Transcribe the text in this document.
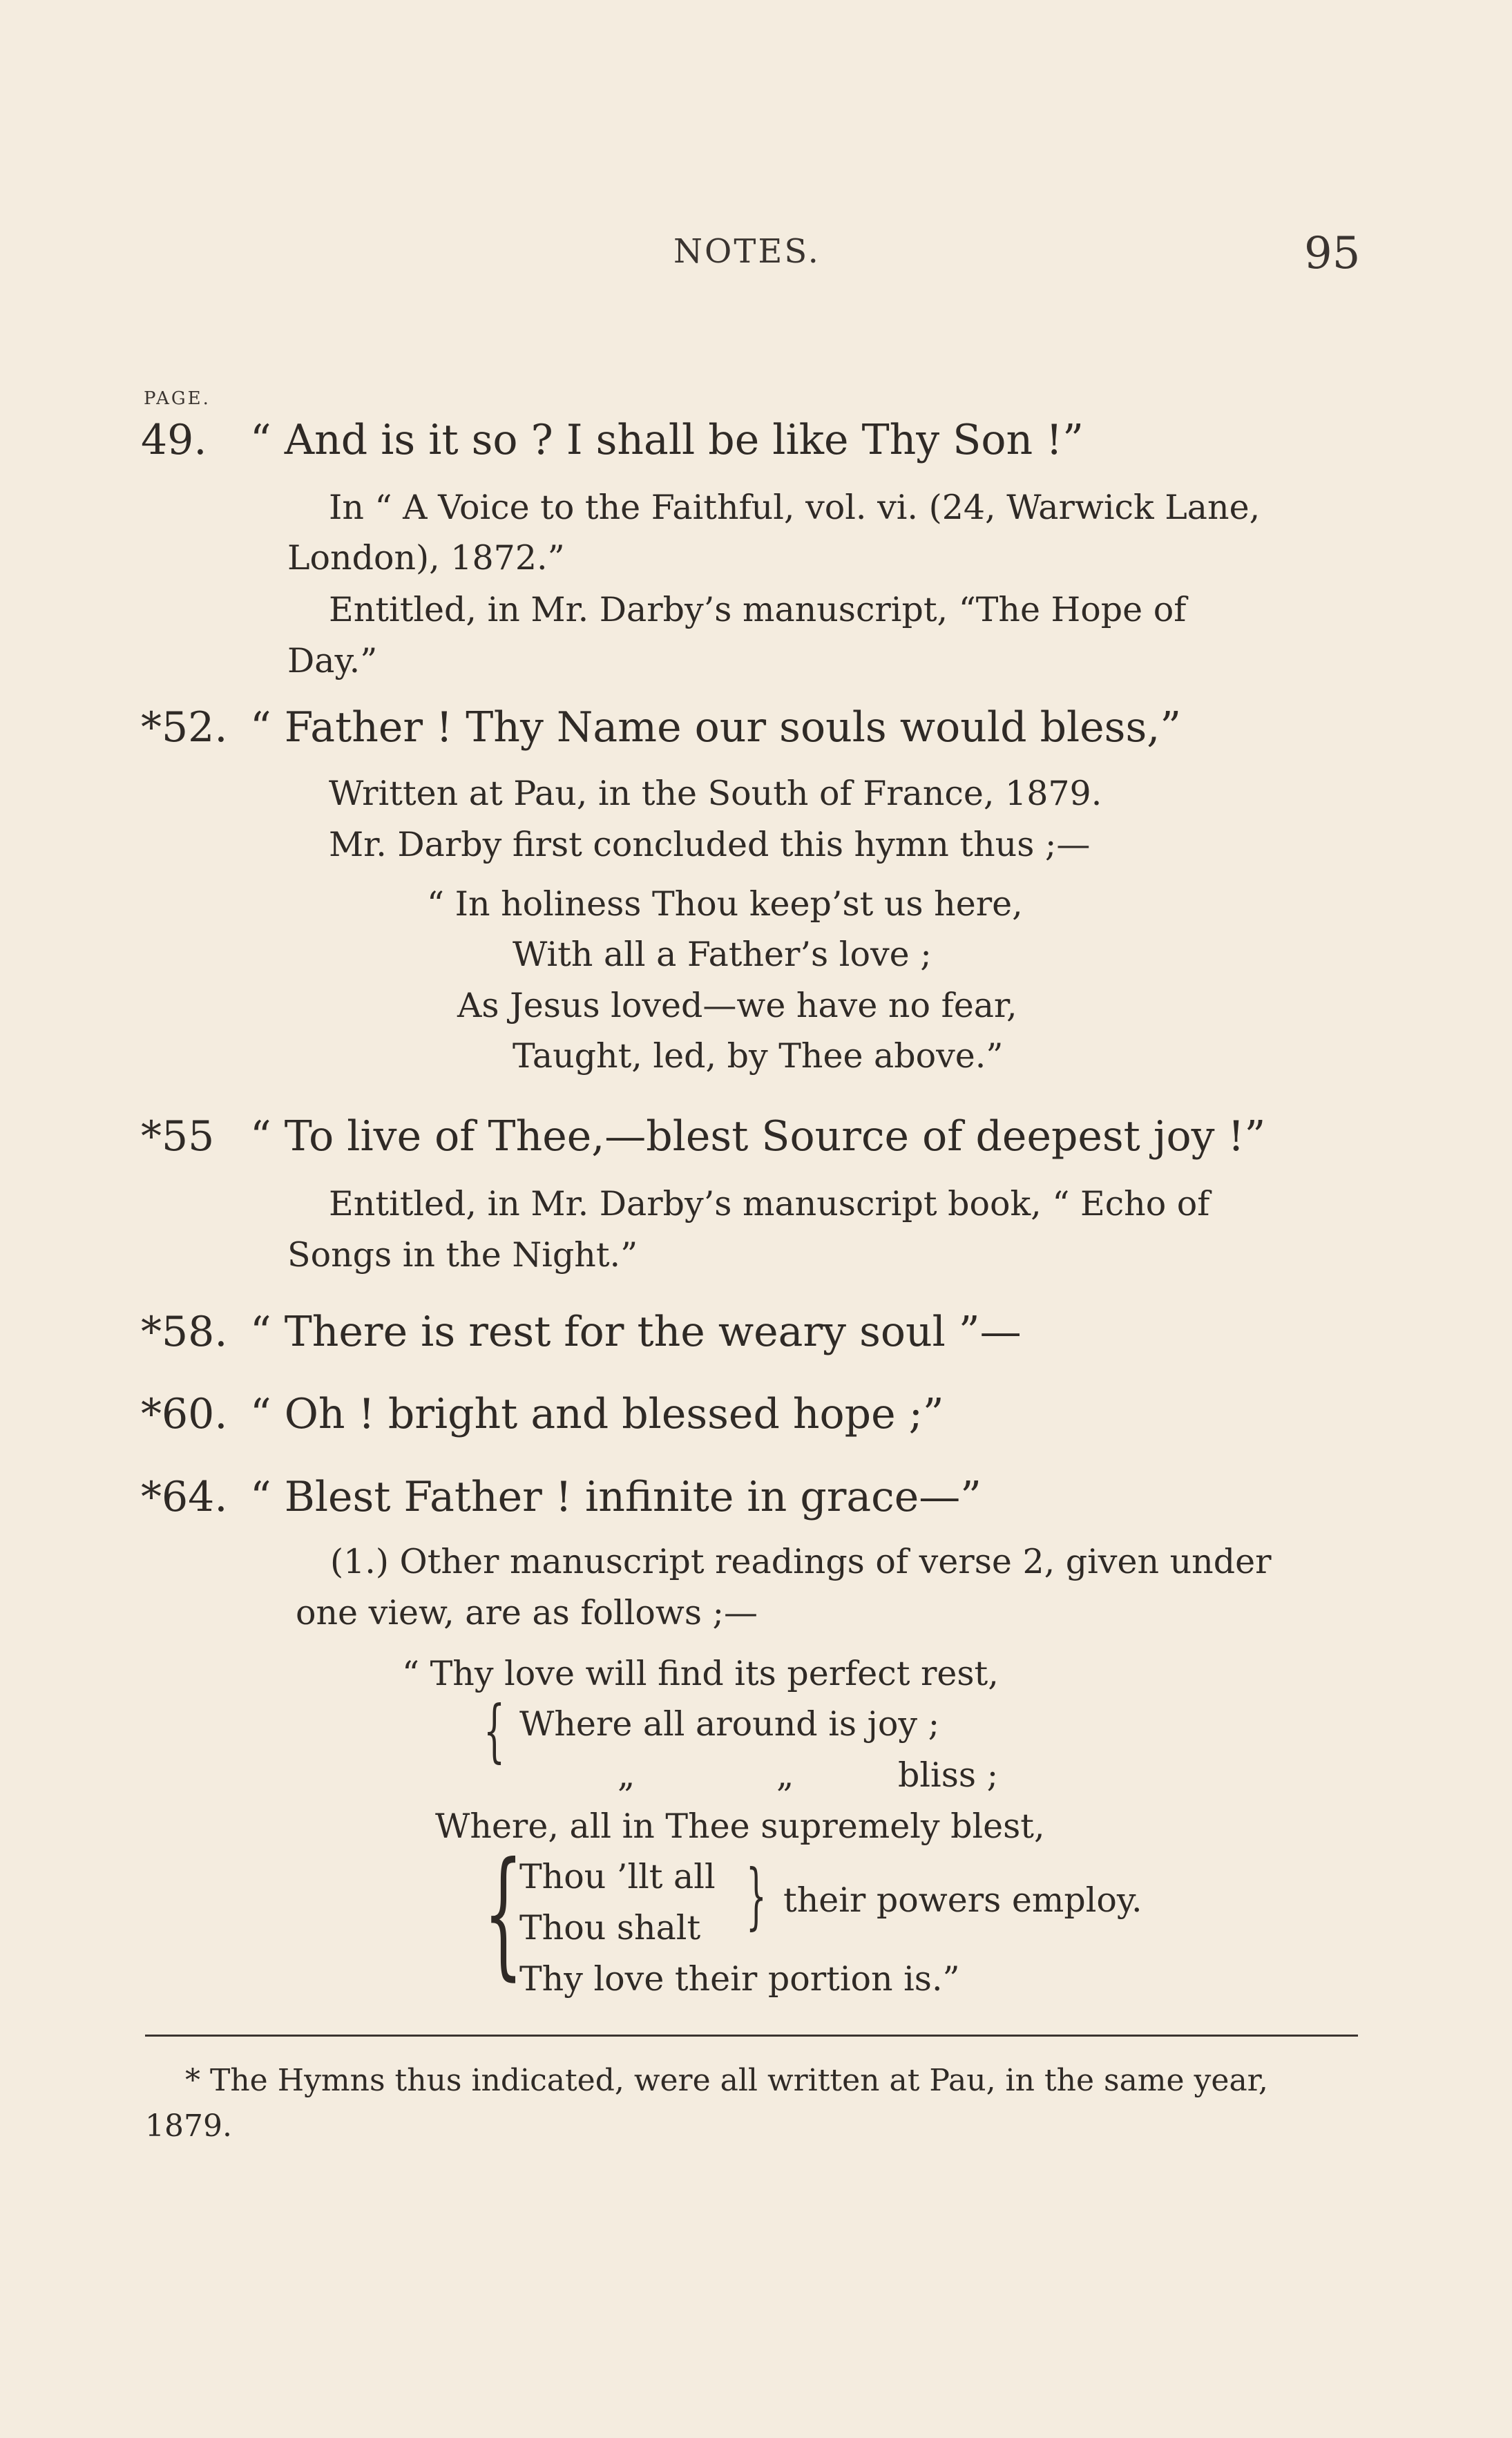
NOTES.	95
PAGE.
49. “ And is it so ? I shall be like Thy Son !”
In “ A Voice to the Faithful, vol. vi. (24, Warwick Lane,
London), 1872.”
Entitled, in Mr. Darby’s manuscript, “The Hope of
Day.”
*52. “ Father ! Thy Name our souls would bless,”
Written at Pau, in the South of France, 1879.
Mr. Darby first concluded this hymn thus ;—
“ In holiness Thou keep’st us here,
With all a Father’s love ;
As Jesus loved—we have no fear,
Taught, led, by Thee above.”
*55 “ To live of Thee,—blest Source of deepest joy !”
Entitled, in Mr. Darby’s manuscript book, “ Echo of
Songs in the Night.”
*58. “ There is rest for the weary soul ”—
*60. “ Oh ! bright and blessed hope ;”
*64. “ Blest Father ! infinite in grace—”
(1.) Other manuscript readings of verse 2, given under
one view, are as follows ;—
“ Thy love will find its perfect rest,
{ Where all around is joy ;
„	„	bliss ;
Where, all in Thee supremely blest,
{
Thou ’llt all
Thou shalt } their powers employ.
Thy love their portion is.”
* The Hymns thus indicated, were all written at Pau, in the same year,
1879.
